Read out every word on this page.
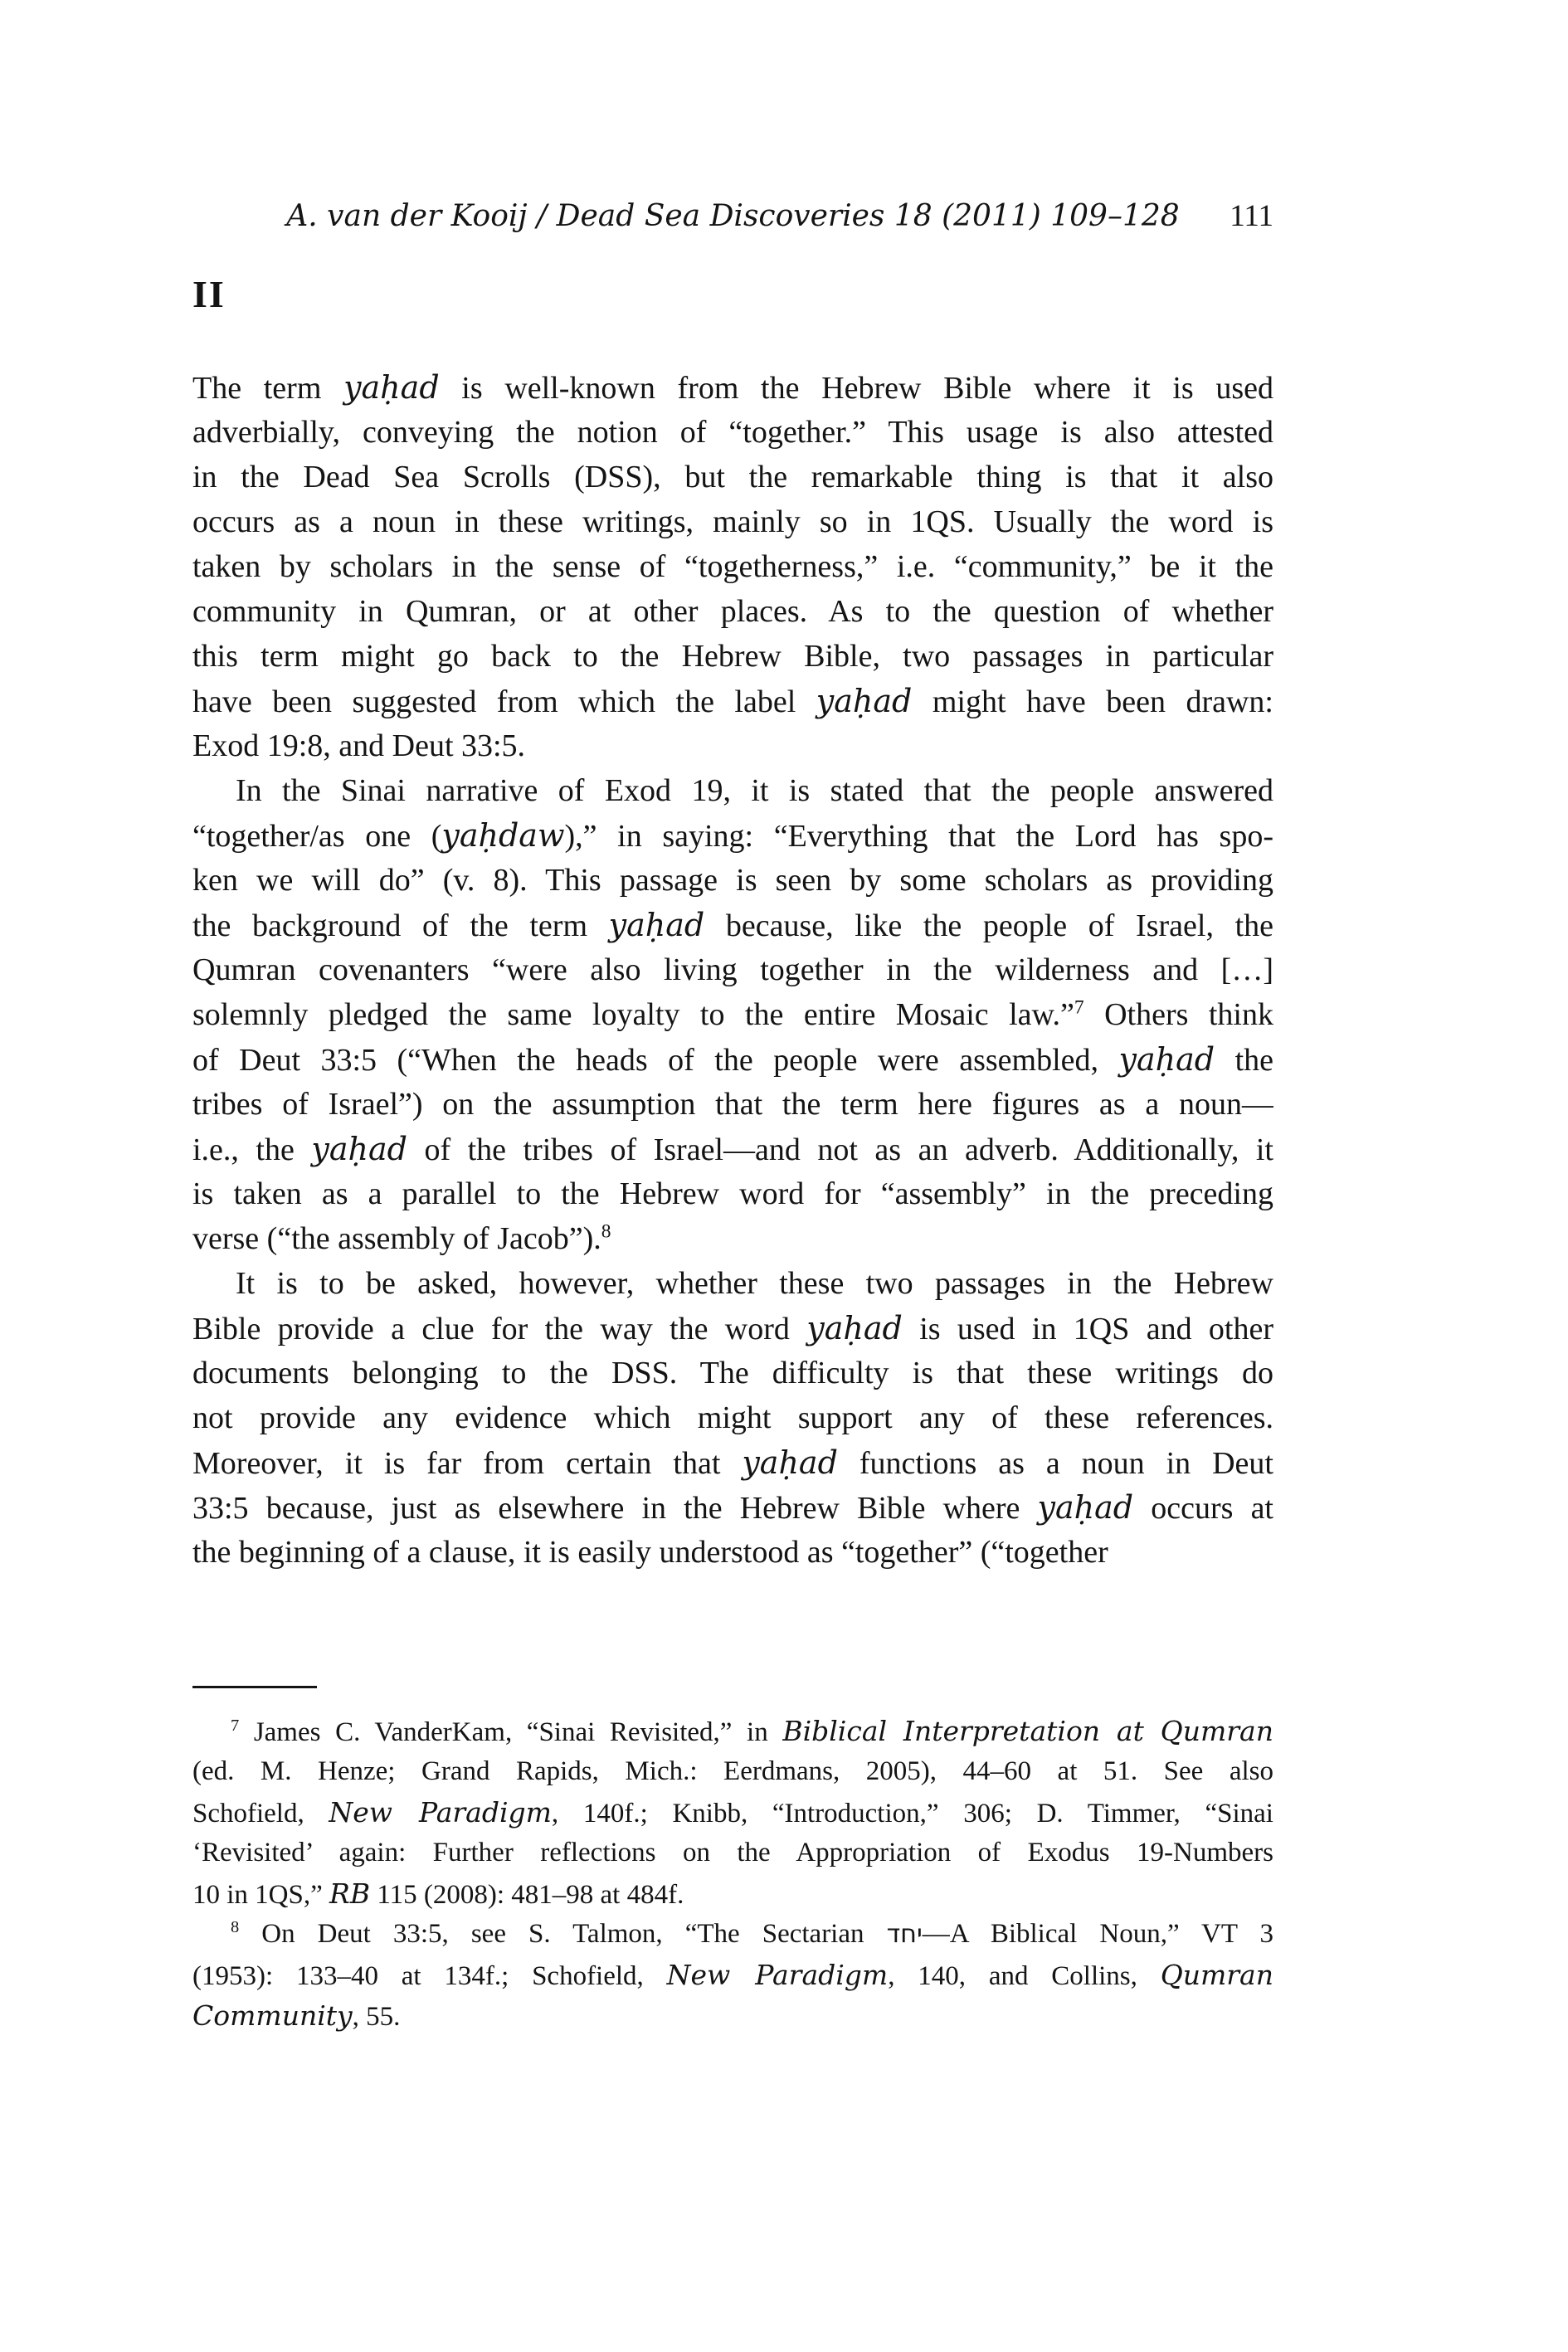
A. van der Kooij / Dead Sea Discoveries 18 (2011) 109–128	111
II
The term yaḥad is well-known from the Hebrew Bible where it is used
adverbially, conveying the notion of “together.” This usage is also attested
in the Dead Sea Scrolls (DSS), but the remarkable thing is that it also
occurs as a noun in these writings, mainly so in 1QS. Usually the word is
taken by scholars in the sense of “togetherness,” i.e. “community,” be it the
community in Qumran, or at other places. As to the question of whether
this term might go back to the Hebrew Bible, two passages in particular
have been suggested from which the label yaḥad might have been drawn:
Exod 19:8, and Deut 33:5.
In the Sinai narrative of Exod 19, it is stated that the people answered
“together/as one (yaḥdaw),” in saying: “Everything that the Lord has spo-
ken we will do” (v. 8). This passage is seen by some scholars as providing
the background of the term yaḥad because, like the people of Israel, the
Qumran covenanters “were also living together in the wilderness and […]
solemnly pledged the same loyalty to the entire Mosaic law.”$^7$ Others think
of Deut 33:5 (“When the heads of the people were assembled, yaḥad the
tribes of Israel”) on the assumption that the term here figures as a noun—
i.e., the yaḥad of the tribes of Israel—and not as an adverb. Additionally, it
is taken as a parallel to the Hebrew word for “assembly” in the preceding
verse (“the assembly of Jacob”).$^8$
It is to be asked, however, whether these two passages in the Hebrew
Bible provide a clue for the way the word yaḥad is used in 1QS and other
documents belonging to the DSS. The difficulty is that these writings do
not provide any evidence which might support any of these references.
Moreover, it is far from certain that yaḥad functions as a noun in Deut
33:5 because, just as elsewhere in the Hebrew Bible where yaḥad occurs at
the beginning of a clause, it is easily understood as “together” (“together
$^7$ James C. VanderKam, “Sinai Revisited,” in Biblical Interpretation at Qumran
(ed. M. Henze; Grand Rapids, Mich.: Eerdmans, 2005), 44–60 at 51. See also
Schofield, New Paradigm, 140f.; Knibb, “Introduction,” 306; D. Timmer, “Sinai
‘Revisited’ again: Further reflections on the Appropriation of Exodus 19-Numbers
10 in 1QS,” RB 115 (2008): 481–98 at 484f.
$^8$ On Deut 33:5, see S. Talmon, “The Sectarian יחד—A Biblical Noun,” VT 3
(1953): 133–40 at 134f.; Schofield, New Paradigm, 140, and Collins, Qumran
Community, 55.
